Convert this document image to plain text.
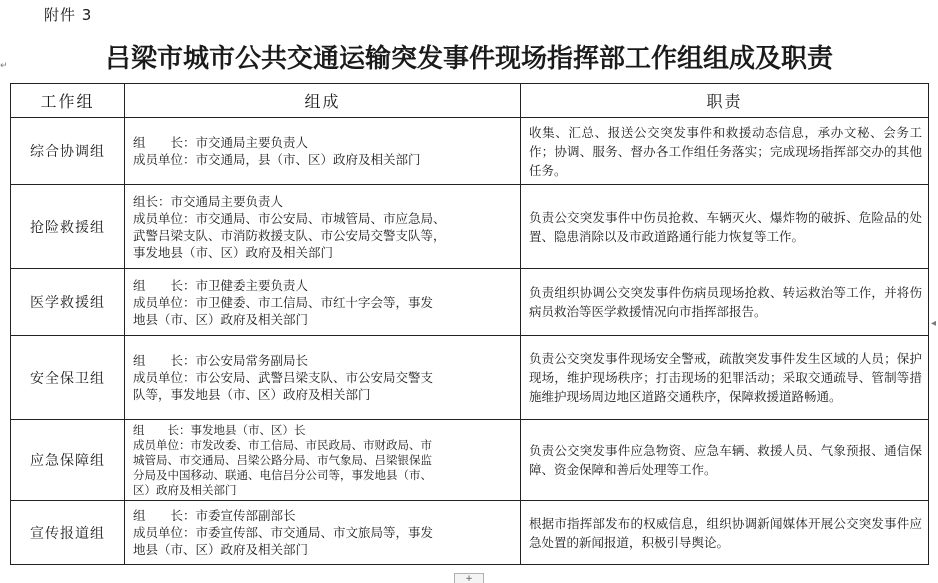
附件 3
↵	吕梁市城市公共交通运输突发事件现场指挥部工作组组成及职责
◂
工作组	组成	职责
综合协调组	组　　长：市交通局主要负责人
成员单位：市交通局，县（市、区）政府及相关部门	收集、汇总、报送公交突发事件和救援动态信息，承办文秘、会务工作；协调、服务、督办各工作组任务落实；完成现场指挥部交办的其他任务。
抢险救援组	组长：市交通局主要负责人
成员单位：市交通局、市公安局、市城管局、市应急局、
武警吕梁支队、市消防救援支队、市公安局交警支队等，
事发地县（市、区）政府及相关部门	负责公交突发事件中伤员抢救、车辆灭火、爆炸物的破拆、危险品的处置、隐患消除以及市政道路通行能力恢复等工作。
医学救援组	组　　长：市卫健委主要负责人
成员单位：市卫健委、市工信局、市红十字会等，事发
地县（市、区）政府及相关部门	负责组织协调公交突发事件伤病员现场抢救、转运救治等工作，并将伤病员救治等医学救援情况向市指挥部报告。
安全保卫组	组　　长：市公安局常务副局长
成员单位：市公安局、武警吕梁支队、市公安局交警支
队等，事发地县（市、区）政府及相关部门	负责公交突发事件现场安全警戒，疏散突发事件发生区域的人员；保护现场，维护现场秩序；打击现场的犯罪活动；采取交通疏导、管制等措施维护现场周边地区道路交通秩序，保障救援道路畅通。
应急保障组	组　　长：事发地县（市、区）长
成员单位：市发改委、市工信局、市民政局、市财政局、市
城管局、市交通局、吕梁公路分局、市气象局、吕梁银保监
分局及中国移动、联通、电信吕分公司等，事发地县（市、
区）政府及相关部门	负责公交突发事件应急物资、应急车辆、救援人员、气象预报、通信保障、资金保障和善后处理等工作。
宣传报道组	组　　长：市委宣传部副部长
成员单位：市委宣传部、市交通局、市文旅局等，事发
地县（市、区）政府及相关部门	根据市指挥部发布的权威信息，组织协调新闻媒体开展公交突发事件应急处置的新闻报道，积极引导舆论。
+
